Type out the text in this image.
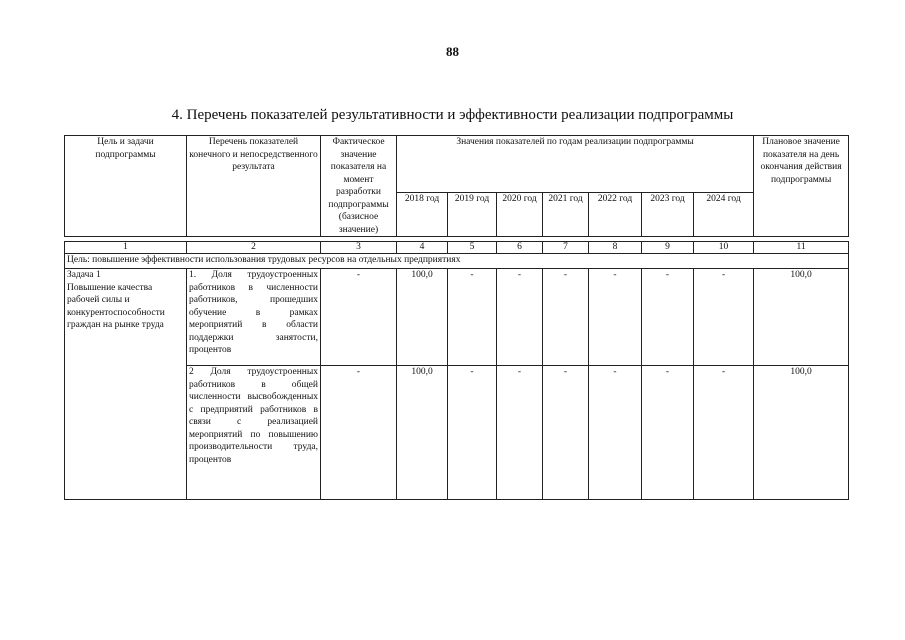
88
4. Перечень показателей результативности и эффективности реализации подпрограммы
Цель и задачи подпрограммы	Перечень показателей конечного и непосредственного результата	Фактическое значение показателя на момент разработки подпрограммы (базисное значение)	Значения показателей по годам реализации подпрограммы							Плановое значение показателя на день окончания действия подпрограммы
			2018 год	2019 год	2020 год	2021 год	2022 год	2023 год	2024 год	

1	2	3	4	5	6	7	8	9	10	11
Цель: повышение эффективности использования трудовых ресурсов на отдельных предприятиях										

Задача 1
Повышение качества рабочей силы и конкурентоспособности граждан на рынке труда	1. Доля трудоустроенных работников в численности работников, прошедших обучение в рамках мероприятий в области поддержки занятости, процентов	-	100,0	-	-	-	-	-	-	100,0
	2 Доля трудоустроенных работников в общей численности высвобожденных с предприятий работников в связи с реализацией мероприятий по повышению производительности труда, процентов	-	100,0	-	-	-	-	-	-	100,0
